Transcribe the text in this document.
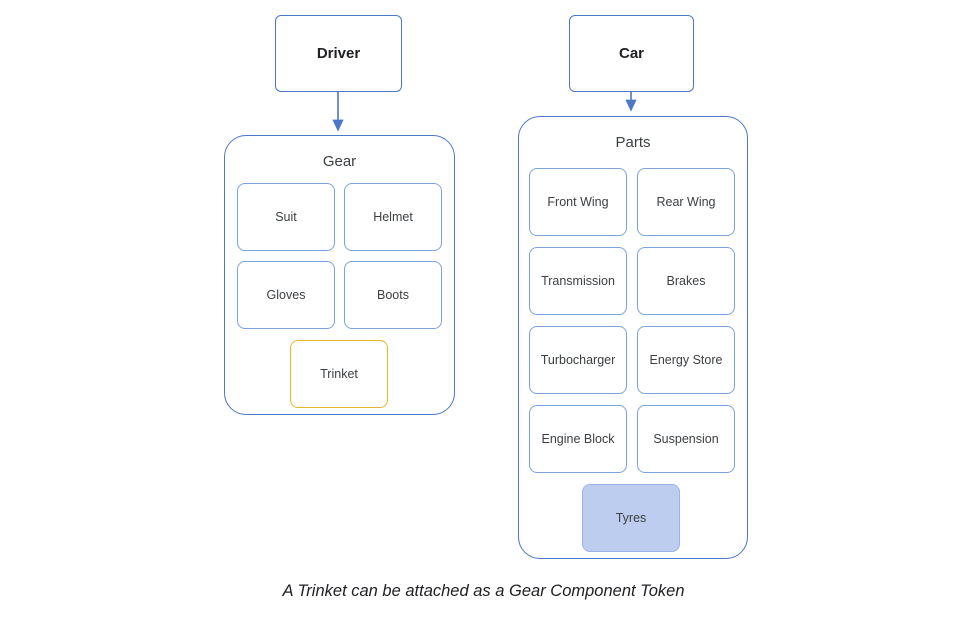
Driver
Gear
Suit	Helmet
Gloves	Boots
Trinket
Car
Parts
Front Wing	Rear Wing
Transmission	Brakes
Turbocharger	Energy Store
Engine Block	Suspension
Tyres
A Trinket can be attached as a Gear Component Token
